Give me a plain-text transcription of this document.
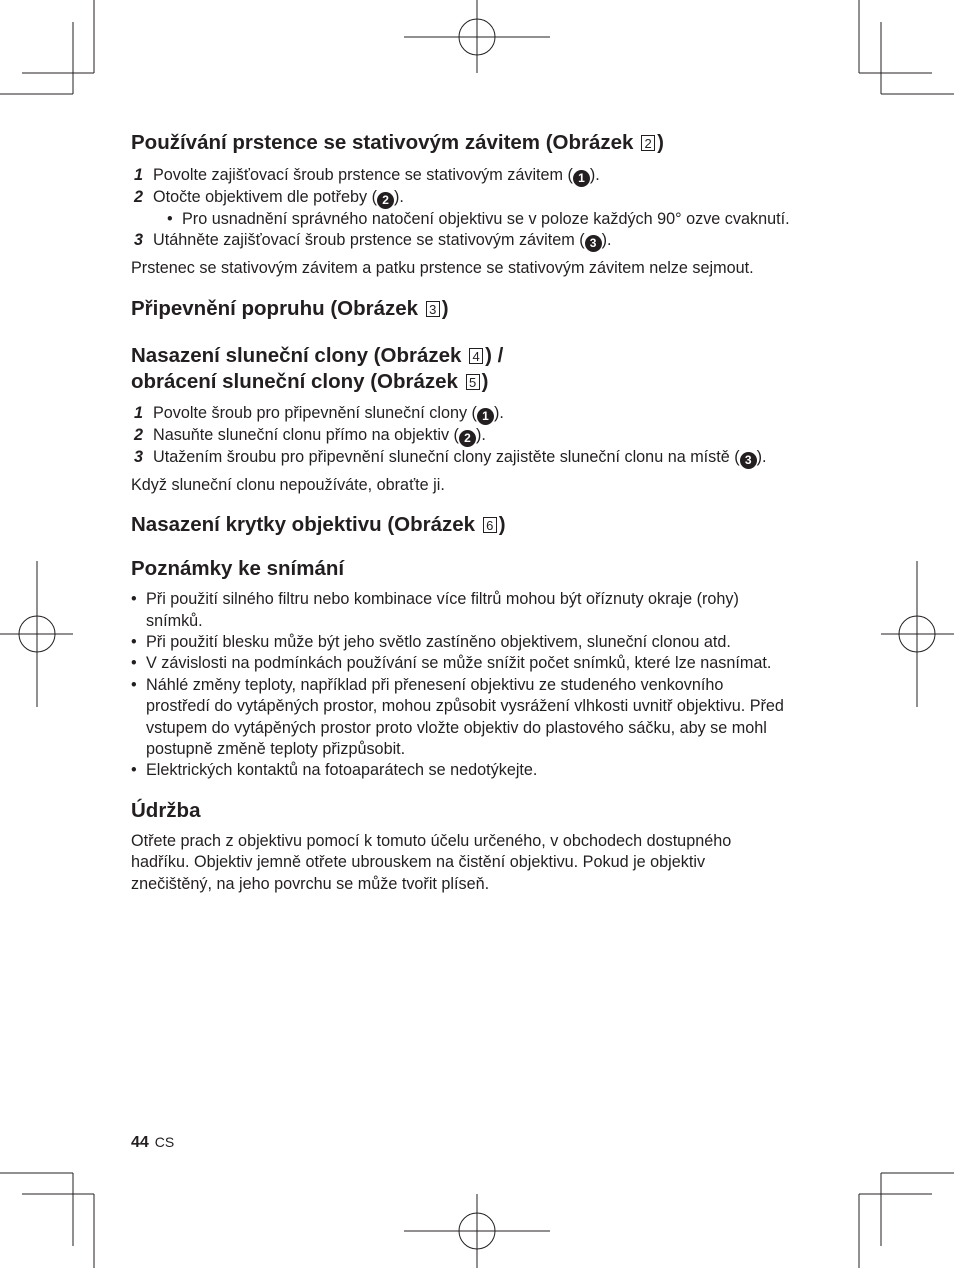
Používání prstence se stativovým závitem (Obrázek 2 )
1 Povolte zajišťovací šroub prstence se stativovým závitem ( 1 ).
2 Otočte objektivem dle potřeby ( 2 ).
• Pro usnadnění správného natočení objektivu se v poloze každých 90° ozve cvaknutí.
3 Utáhněte zajišťovací šroub prstence se stativovým závitem ( 3 ).

Prstenec se stativovým závitem a patku prstence se stativovým závitem nelze sejmout.

Připevnění popruhu (Obrázek 3 )
Nasazení sluneční clony (Obrázek 4 ) /
obrácení sluneční clony (Obrázek 5 )
1 Povolte šroub pro připevnění sluneční clony ( 1 ).
2 Nasuňte sluneční clonu přímo na objektiv ( 2 ).
3 Utažením šroubu pro připevnění sluneční clony zajistěte sluneční clonu na místě ( 3 ).

Když sluneční clonu nepoužíváte, obraťte ji.

Nasazení krytky objektivu (Obrázek 6 )
Poznámky ke snímání
• Při použití silného filtru nebo kombinace více filtrů mohou být oříznuty okraje (rohy) snímků.
• Při použití blesku může být jeho světlo zastíněno objektivem, sluneční clonou atd.
• V závislosti na podmínkách používání se může snížit počet snímků, které lze nasnímat.
• Náhlé změny teploty, například při přenesení objektivu ze studeného venkovního prostředí do vytápěných prostor, mohou způsobit vysrážení vlhkosti uvnitř objektivu. Před vstupem do vytápěných prostor proto vložte objektiv do plastového sáčku, aby se mohl postupně změně teploty přizpůsobit.
• Elektrických kontaktů na fotoaparátech se nedotýkejte.
Údržba

Otřete prach z objektivu pomocí k tomuto účelu určeného, v obchodech dostupného hadříku. Objektiv jemně otřete ubrouskem na čistění objektivu. Pokud je objektiv znečištěný, na jeho povrchu se může tvořit plíseň.

44 CS
